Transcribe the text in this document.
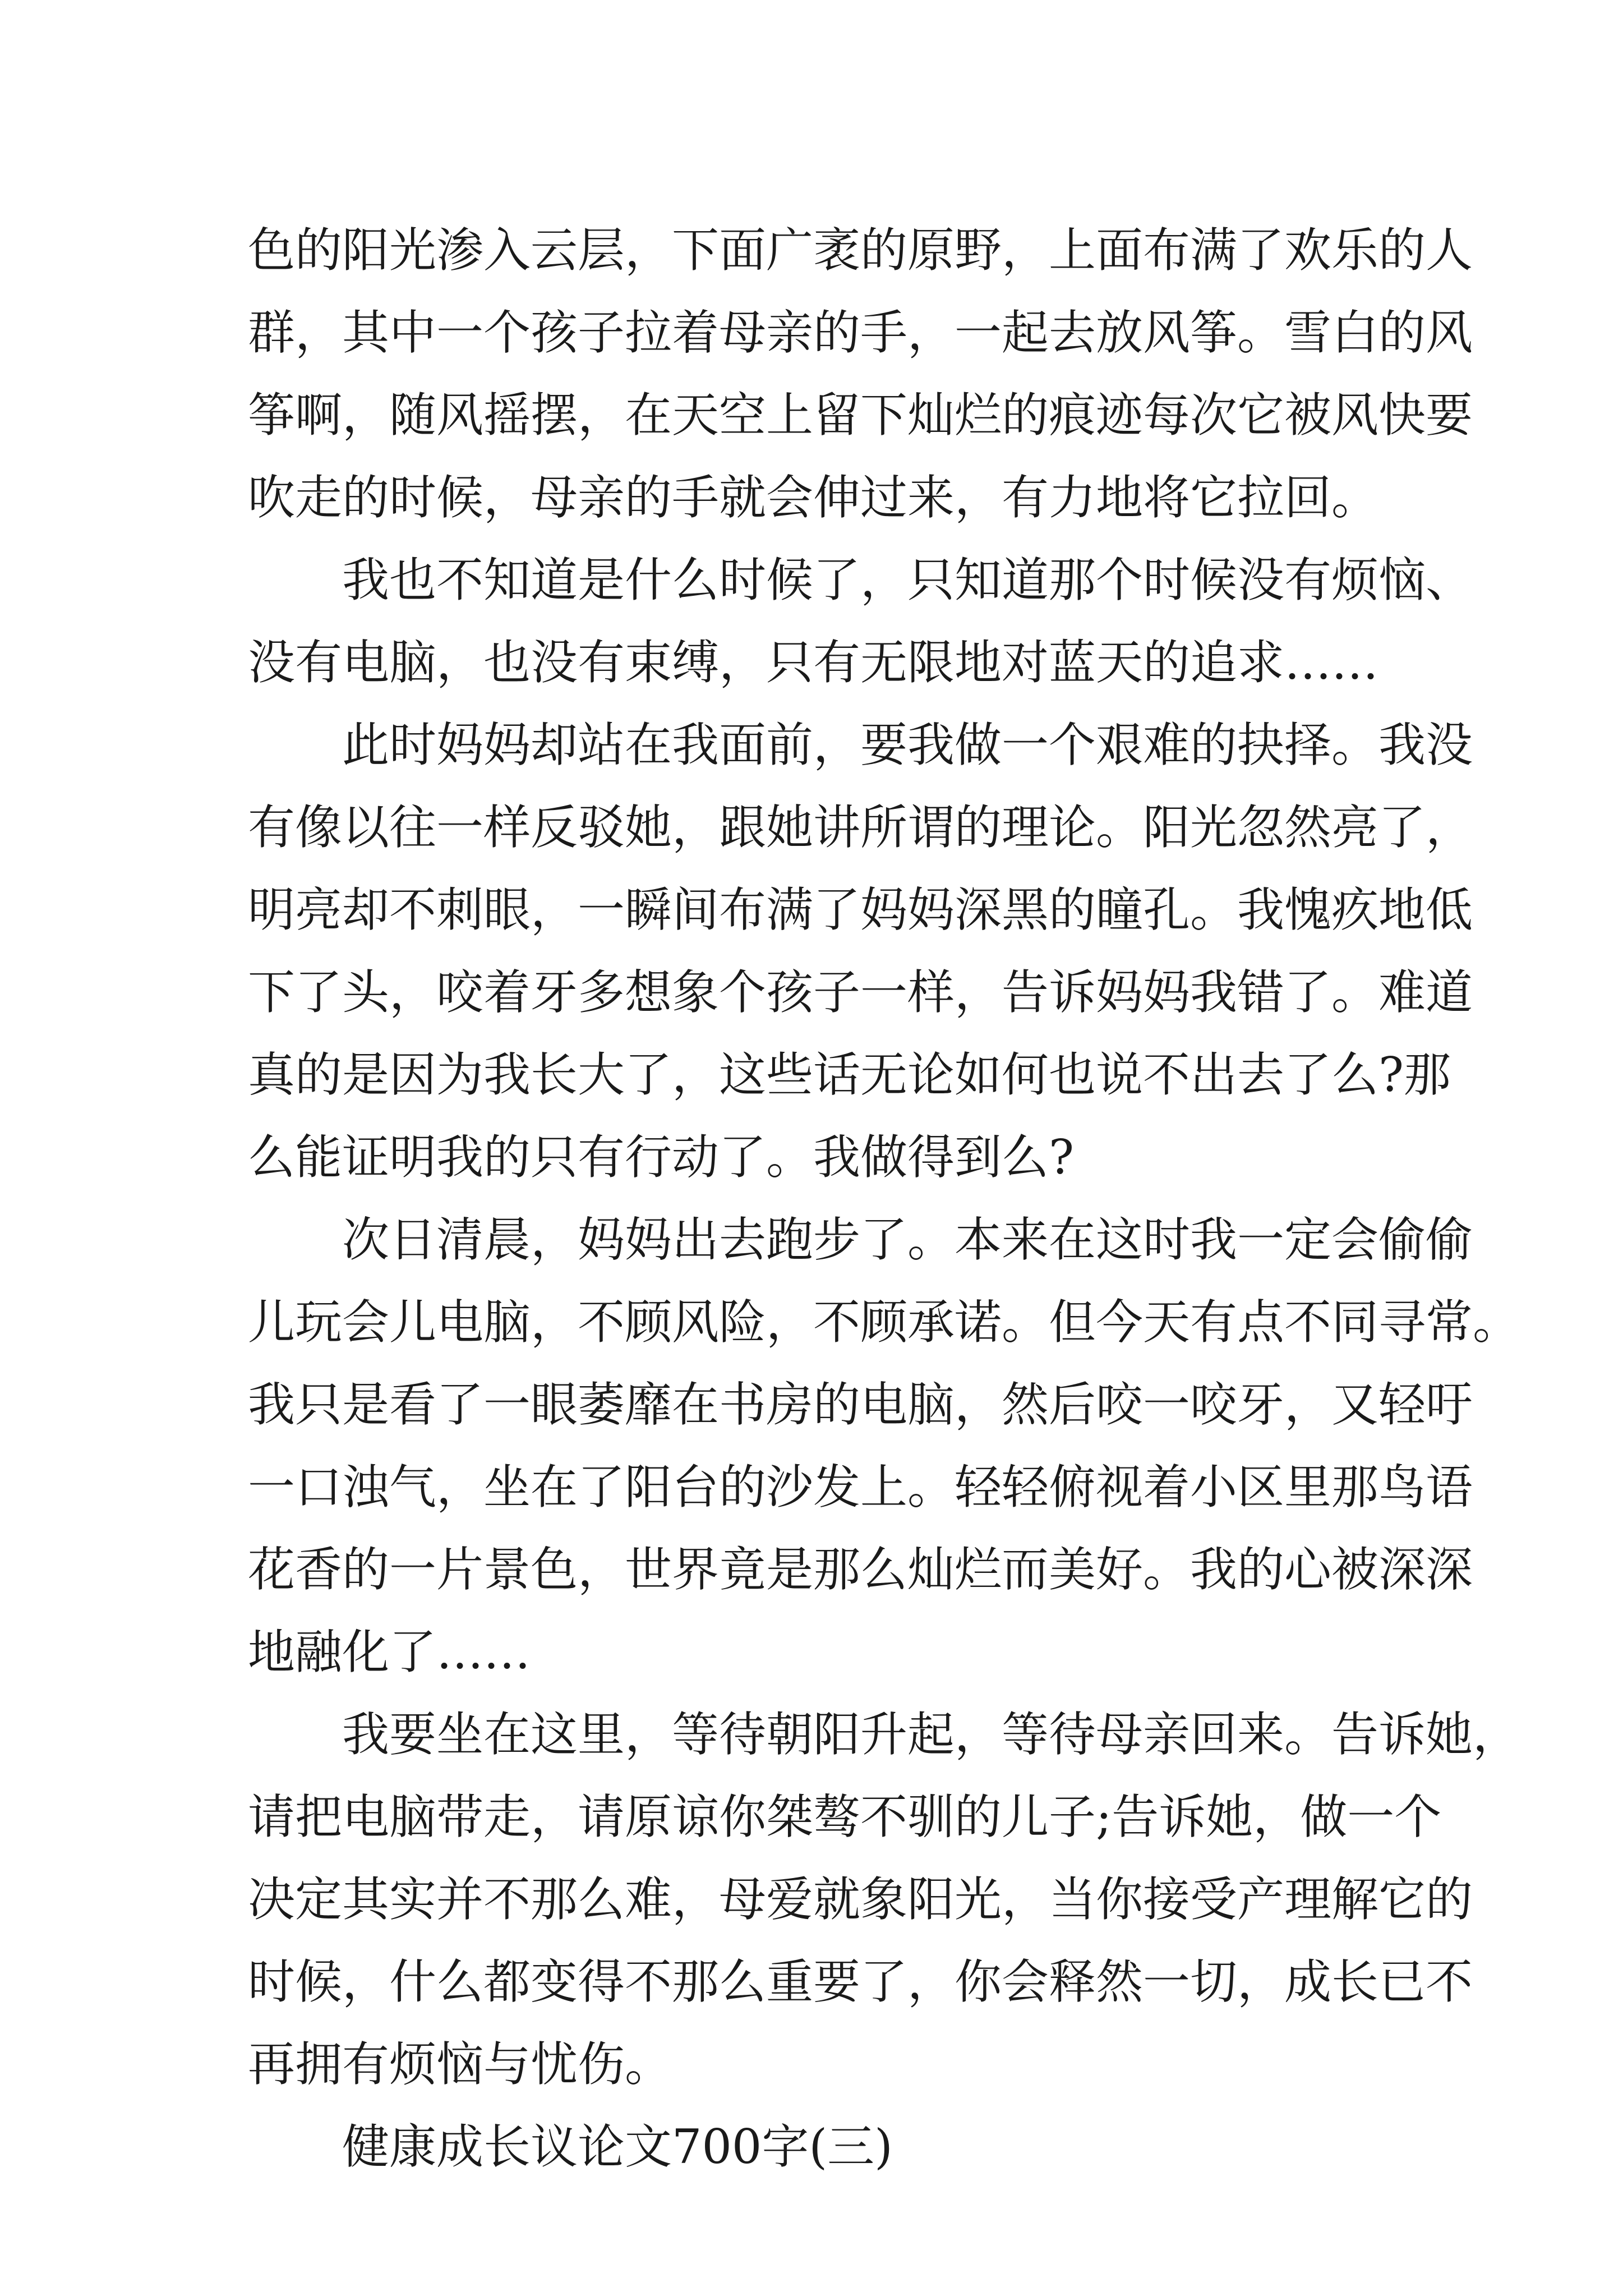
色的阳光渗入云层，下面广袤的原野，上面布满了欢乐的人
群，其中一个孩子拉着母亲的手，一起去放风筝。雪白的风
筝啊，随风摇摆，在天空上留下灿烂的痕迹每次它被风快要
吹走的时候，母亲的手就会伸过来，有力地将它拉回。
我也不知道是什么时候了，只知道那个时候没有烦恼、
没有电脑，也没有束缚，只有无限地对蓝天的追求……
此时妈妈却站在我面前，要我做一个艰难的抉择。我没
有像以往一样反驳她，跟她讲所谓的理论。阳光忽然亮了，
明亮却不刺眼，一瞬间布满了妈妈深黑的瞳孔。我愧疚地低
下了头，咬着牙多想象个孩子一样，告诉妈妈我错了。难道
真的是因为我长大了，这些话无论如何也说不出去了么?那
么能证明我的只有行动了。我做得到么?
次日清晨，妈妈出去跑步了。本来在这时我一定会偷偷
儿玩会儿电脑，不顾风险，不顾承诺。但今天有点不同寻常。
我只是看了一眼萎靡在书房的电脑，然后咬一咬牙，又轻吁
一口浊气，坐在了阳台的沙发上。轻轻俯视着小区里那鸟语
花香的一片景色，世界竟是那么灿烂而美好。我的心被深深
地融化了……
我要坐在这里，等待朝阳升起，等待母亲回来。告诉她，
请把电脑带走，请原谅你桀骜不驯的儿子;告诉她，做一个
决定其实并不那么难，母爱就象阳光，当你接受产理解它的
时候，什么都变得不那么重要了，你会释然一切，成长已不
再拥有烦恼与忧伤。
健康成长议论文700字(三)
